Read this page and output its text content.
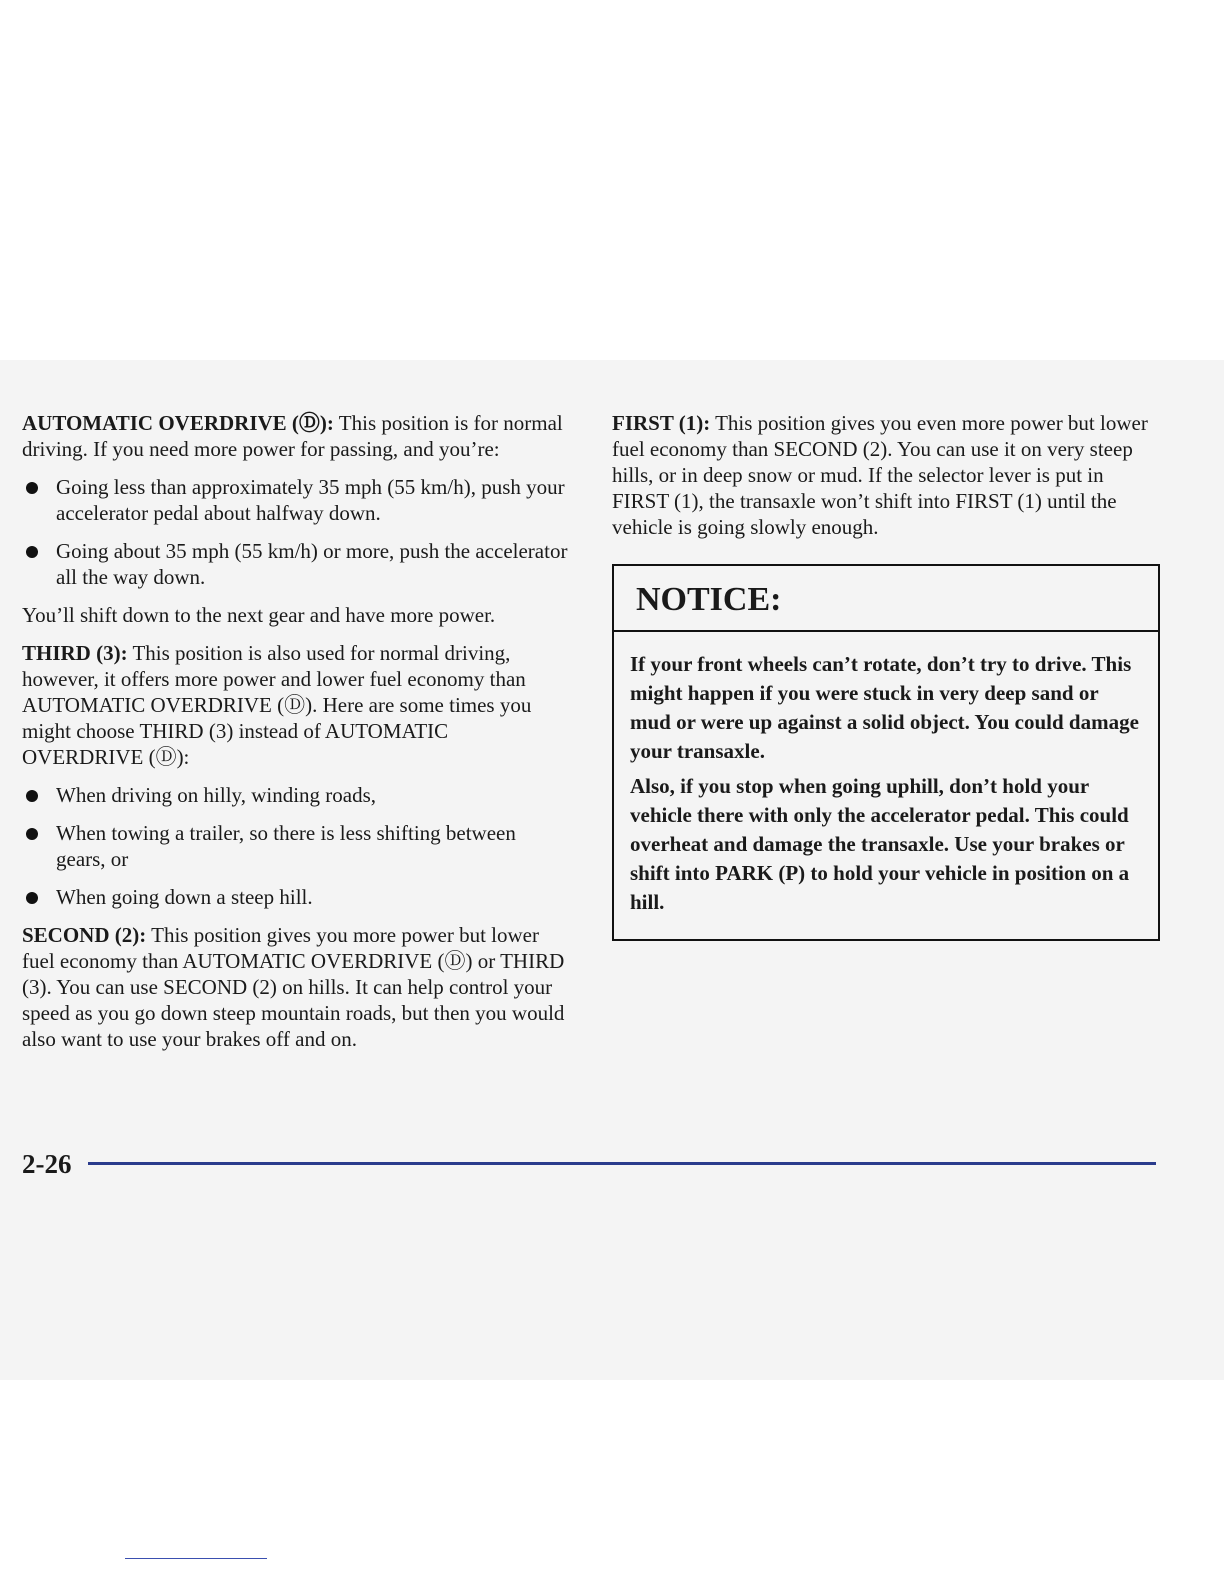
AUTOMATIC OVERDRIVE (Ⓓ): This position is for normal driving. If you need more power for passing, and you’re:

Going less than approximately 35 mph (55 km/h), push your accelerator pedal about halfway down.
Going about 35 mph (55 km/h) or more, push the accelerator all the way down.

You’ll shift down to the next gear and have more power.

THIRD (3): This position is also used for normal driving, however, it offers more power and lower fuel economy than AUTOMATIC OVERDRIVE (Ⓓ). Here are some times you might choose THIRD (3) instead of AUTOMATIC OVERDRIVE (Ⓓ):

When driving on hilly, winding roads,
When towing a trailer, so there is less shifting between gears, or
When going down a steep hill.

SECOND (2): This position gives you more power but lower fuel economy than AUTOMATIC OVERDRIVE (Ⓓ) or THIRD (3). You can use SECOND (2) on hills. It can help control your speed as you go down steep mountain roads, but then you would also want to use your brakes off and on.

FIRST (1): This position gives you even more power but lower fuel economy than SECOND (2). You can use it on very steep hills, or in deep snow or mud. If the selector lever is put in FIRST (1), the transaxle won’t shift into FIRST (1) until the vehicle is going slowly enough.

NOTICE:

If your front wheels can’t rotate, don’t try to drive. This might happen if you were stuck in very deep sand or mud or were up against a solid object. You could damage your transaxle.

Also, if you stop when going uphill, don’t hold your vehicle there with only the accelerator pedal. This could overheat and damage the transaxle. Use your brakes or shift into PARK (P) to hold your vehicle in position on a hill.

2-26
